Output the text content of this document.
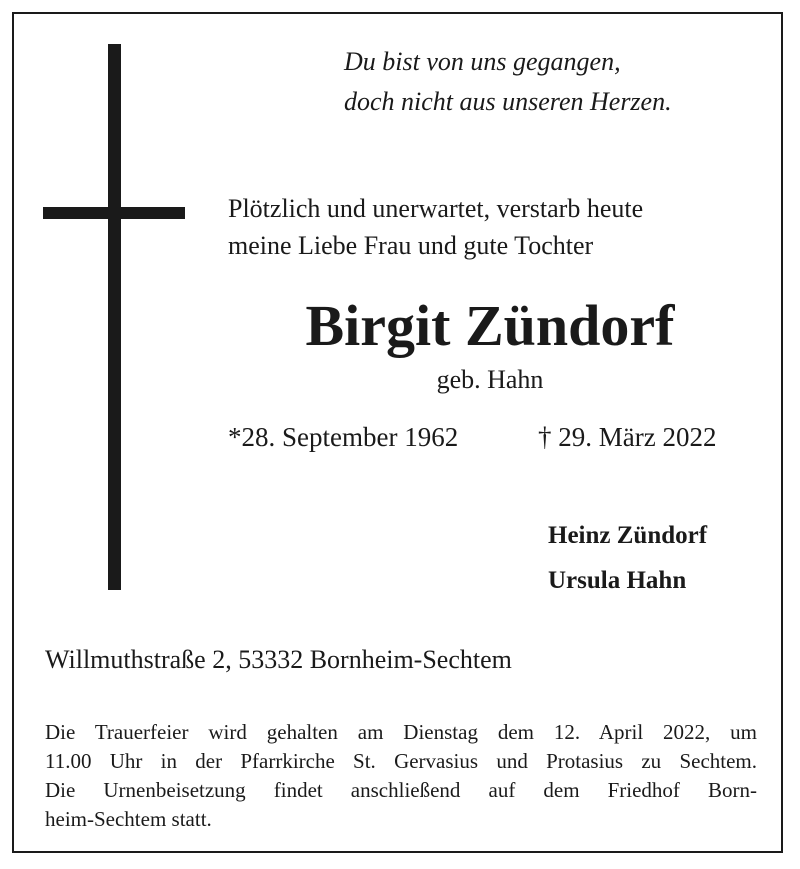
Du bist von uns gegangen,
doch nicht aus unseren Herzen.
Plötzlich und unerwartet, verstarb heute
meine Liebe Frau und gute Tochter
Birgit Zündorf
geb. Hahn
*28. September 1962	† 29. März 2022
Heinz Zündorf
Ursula Hahn
Willmuthstraße 2, 53332 Bornheim-Sechtem
Die Trauerfeier wird gehalten am Dienstag dem 12. April 2022, um
11.00 Uhr in der Pfarrkirche St. Gervasius und Protasius zu Sechtem.
Die Urnenbeisetzung findet anschließend auf dem Friedhof Born-
heim-Sechtem statt.
